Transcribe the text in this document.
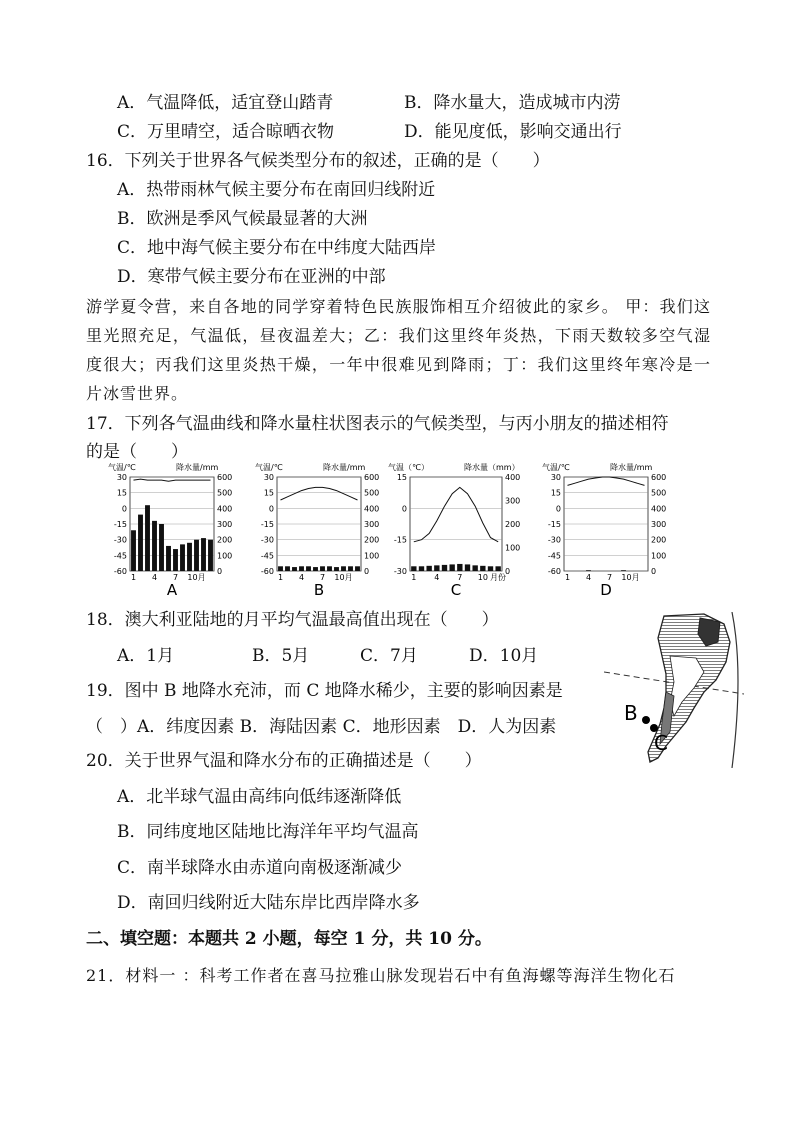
A．气温降低，适宜登山踏青	B．降水量大，造成城市内涝
C．万里晴空，适合晾晒衣物	D．能见度低，影响交通出行
16．下列关于世界各气候类型分布的叙述，正确的是（　　）
A．热带雨林气候主要分布在南回归线附近
B．欧洲是季风气候最显著的大洲
C．地中海气候主要分布在中纬度大陆西岸
D．寒带气候主要分布在亚洲的中部
游学夏令营，来自各地的同学穿着特色民族服饰相互介绍彼此的家乡。 甲：我们这里光照充足，气温低，昼夜温差大；乙：我们这里终年炎热，下雨天数较多空气湿度很大；丙我们这里炎热干燥，一年中很难见到降雨；丁：我们这里终年寒冷是一片冰雪世界。
17．下列各气温曲线和降水量柱状图表示的气候类型，与丙小朋友的描述相符
的是（　　）
气温/℃	降水量/mm
30
15
0
-15
-30
-45
-60
600
500
400
300
200
100
0
1 4 7 10月
A
气温/℃	降水量/mm
30
15
0
-15
-30
-45
-60
600
500
400
300
200
100
0
1 4 7 10月
B
气温（℃）	降水量（mm）
15
0
-15
-30
400
300
200
100
0
1 4 7 10 月份
C
气温/℃	降水量/mm
30
15
0
-15
-30
-45
-60
600
500
400
300
200
100
0
1 4 7 10月
D
18．澳大利亚陆地的月平均气温最高值出现在（　　）
A．1月	B．5月	C．7月	D．10月
19．图中 B 地降水充沛，而 C 地降水稀少，主要的影响因素是
（　）A．纬度因素 B．海陆因素 C．地形因素　D．人为因素
B
C
20．关于世界气温和降水分布的正确描述是（　　）
A．北半球气温由高纬向低纬逐渐降低
B．同纬度地区陆地比海洋年平均气温高
C．南半球降水由赤道向南极逐渐减少
D．南回归线附近大陆东岸比西岸降水多
二、填空题：本题共 2 小题，每空 1 分，共 10 分。
21．材料一 ：科考工作者在喜马拉雅山脉发现岩石中有鱼海螺等海洋生物化石
